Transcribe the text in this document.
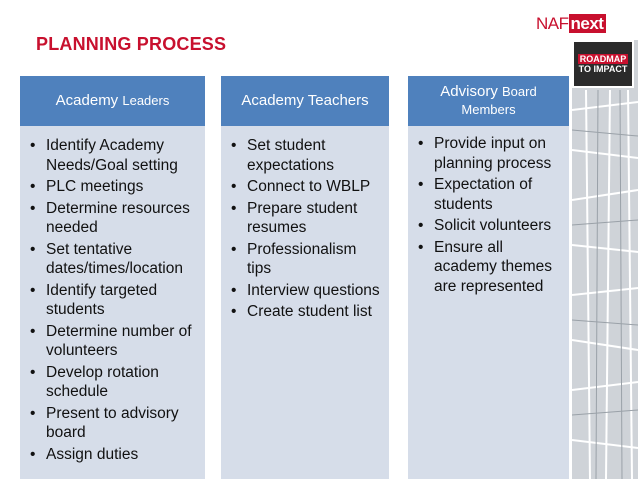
PLANNING PROCESS
NAF next
ROADMAP
TO IMPACT
Academy Leaders
• Identify Academy Needs/Goal setting
• PLC meetings
• Determine resources needed
• Set tentative dates/times/location
• Identify targeted students
• Determine number of volunteers
• Develop rotation schedule
• Present to advisory board
• Assign duties
Academy Teachers
• Set student expectations
• Connect to WBLP
• Prepare student resumes
• Professionalism tips
• Interview questions
• Create student list
Advisory Board Members
• Provide input on planning process
• Expectation of students
• Solicit volunteers
• Ensure all academy themes are represented
